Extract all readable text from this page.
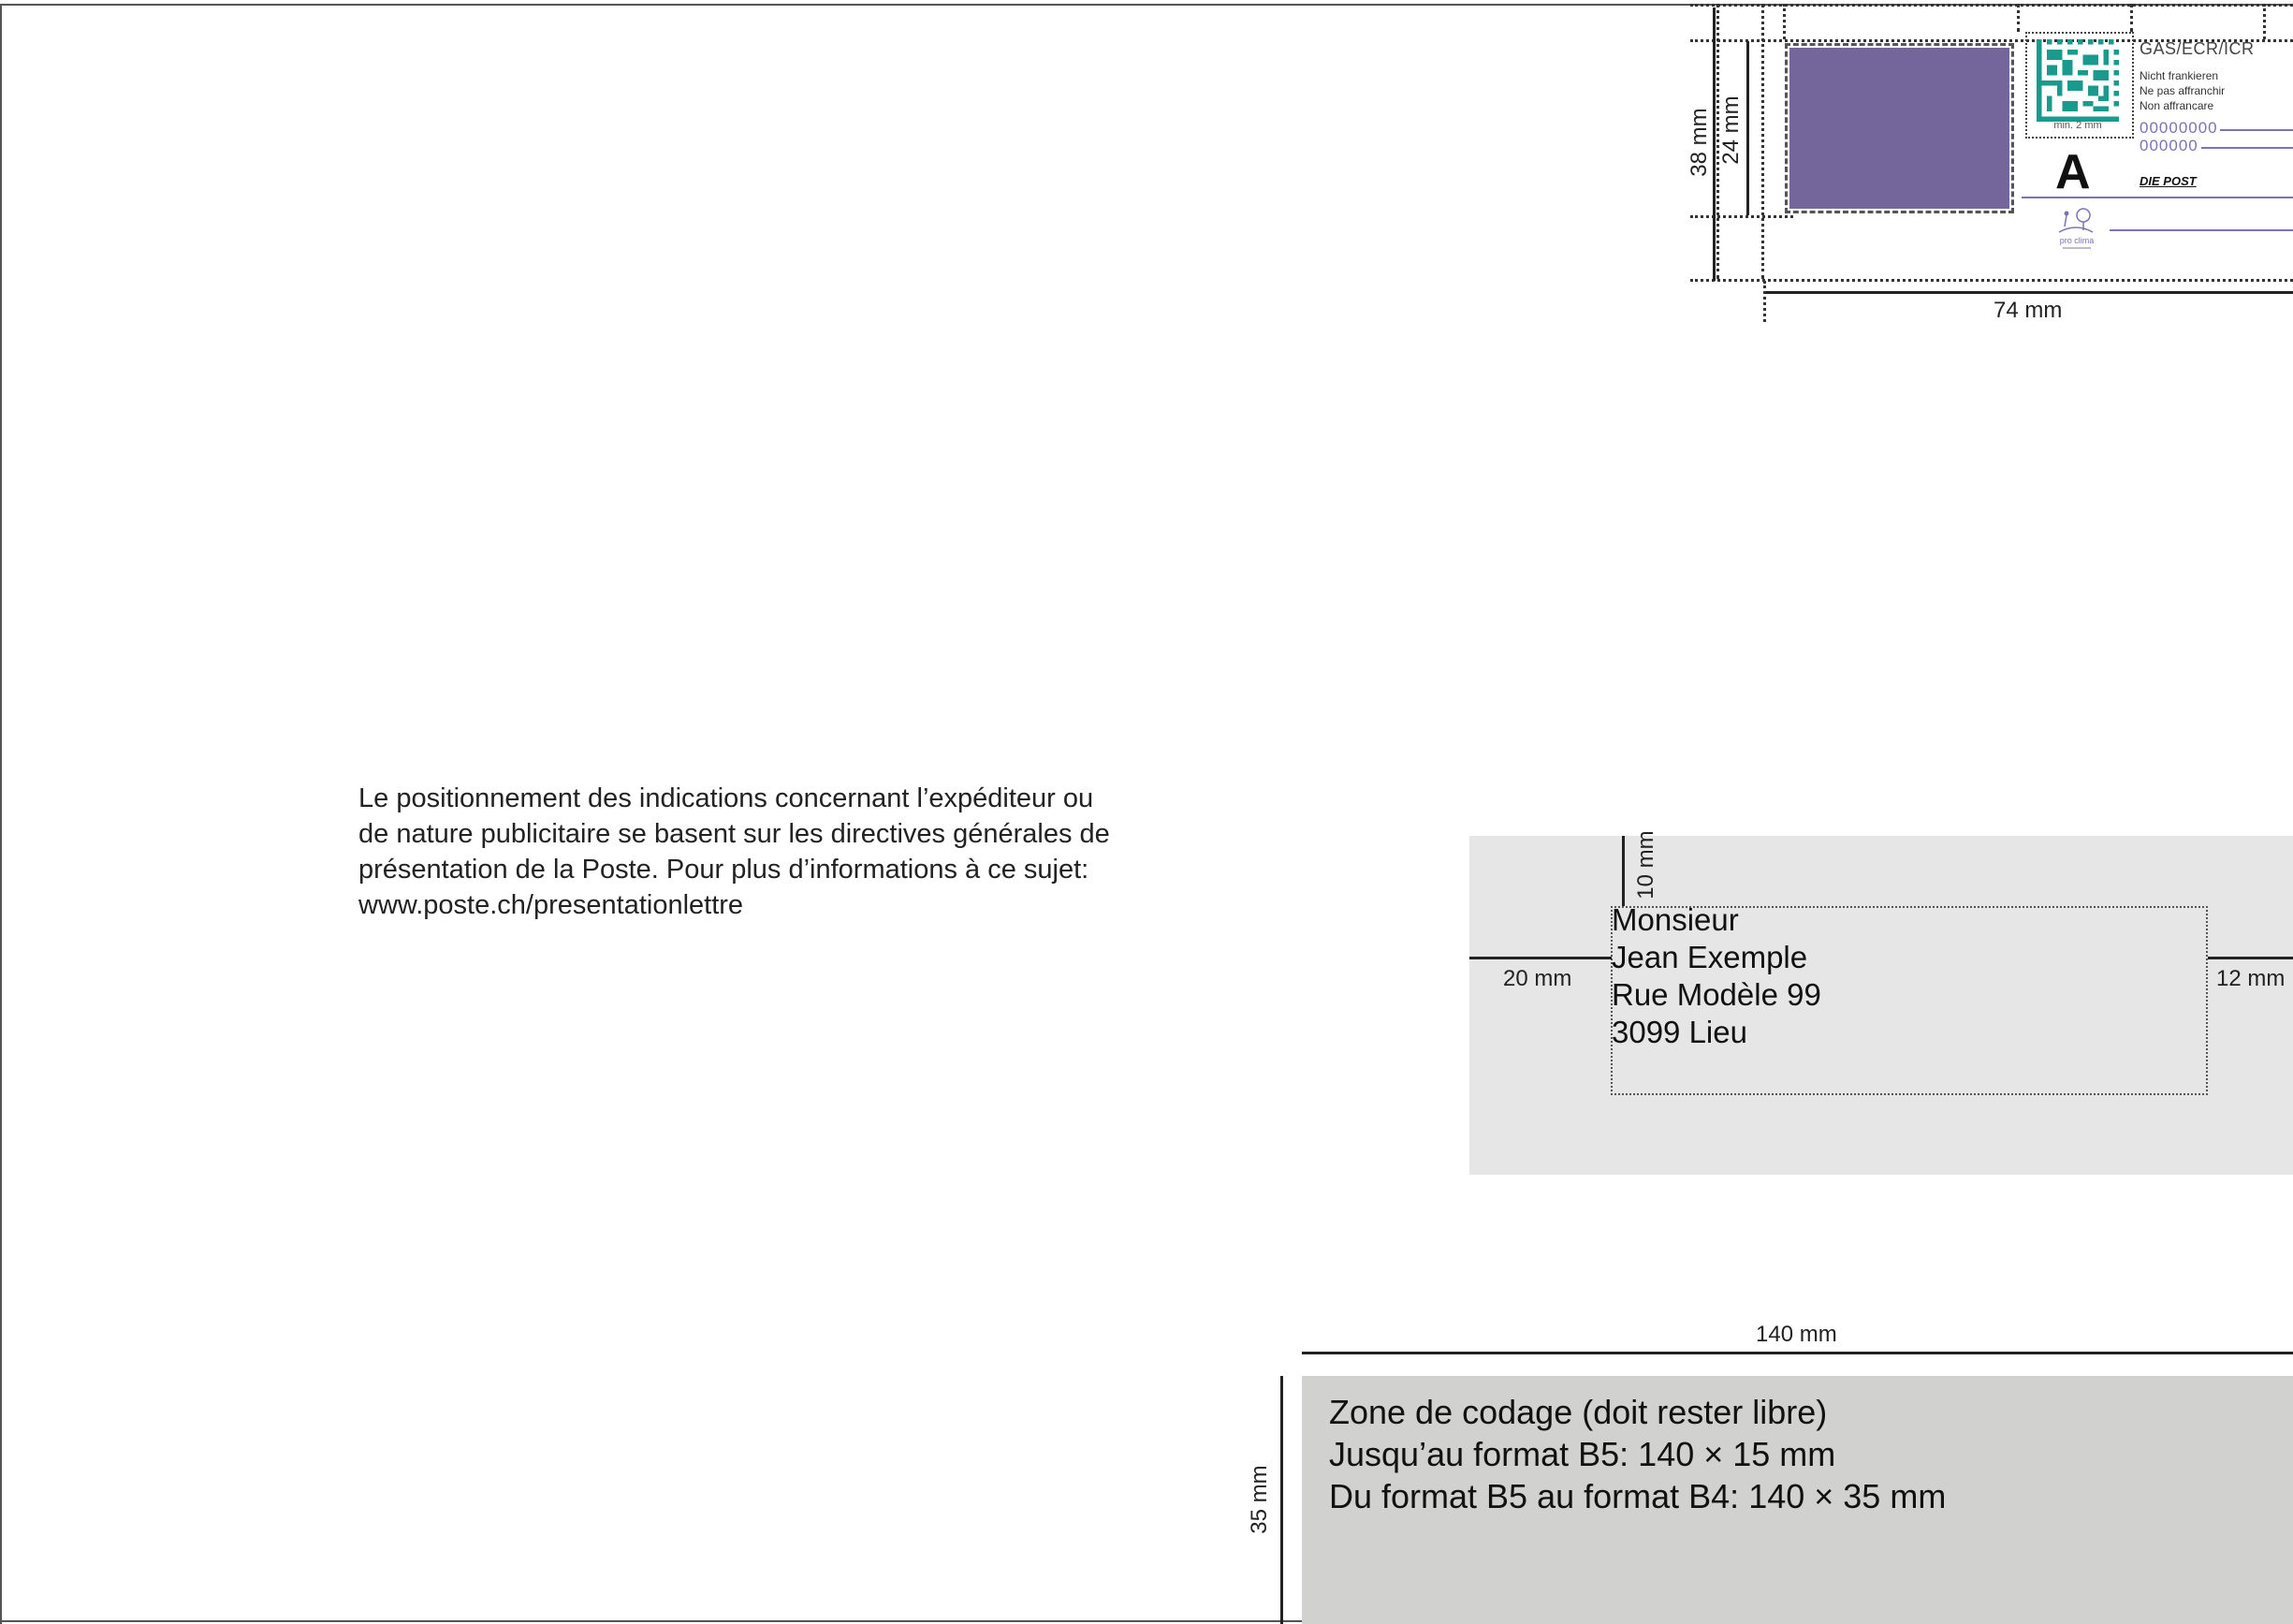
Le positionnement des indications concernant l’expéditeur ou

de nature publicitaire se basent sur les directives générales de

présentation de la Poste. Pour plus d’informations à ce sujet:

www.poste.ch/presentationlettre

38 mm 24 mm
74 mm
min. 2 mm
A
GAS/ECR/ICR
Nicht frankieren
Ne pas affranchir
Non affrancare
00000000
000000
DIE POST
pro clima
10 mm
20 mm	12 mm
Monsieur
Jean Exemple
Rue Modèle 99
3099 Lieu
140 mm
35 mm
Zone de codage (doit rester libre)
Jusqu’au format B5: 140 × 15 mm
Du format B5 au format B4: 140 × 35 mm
